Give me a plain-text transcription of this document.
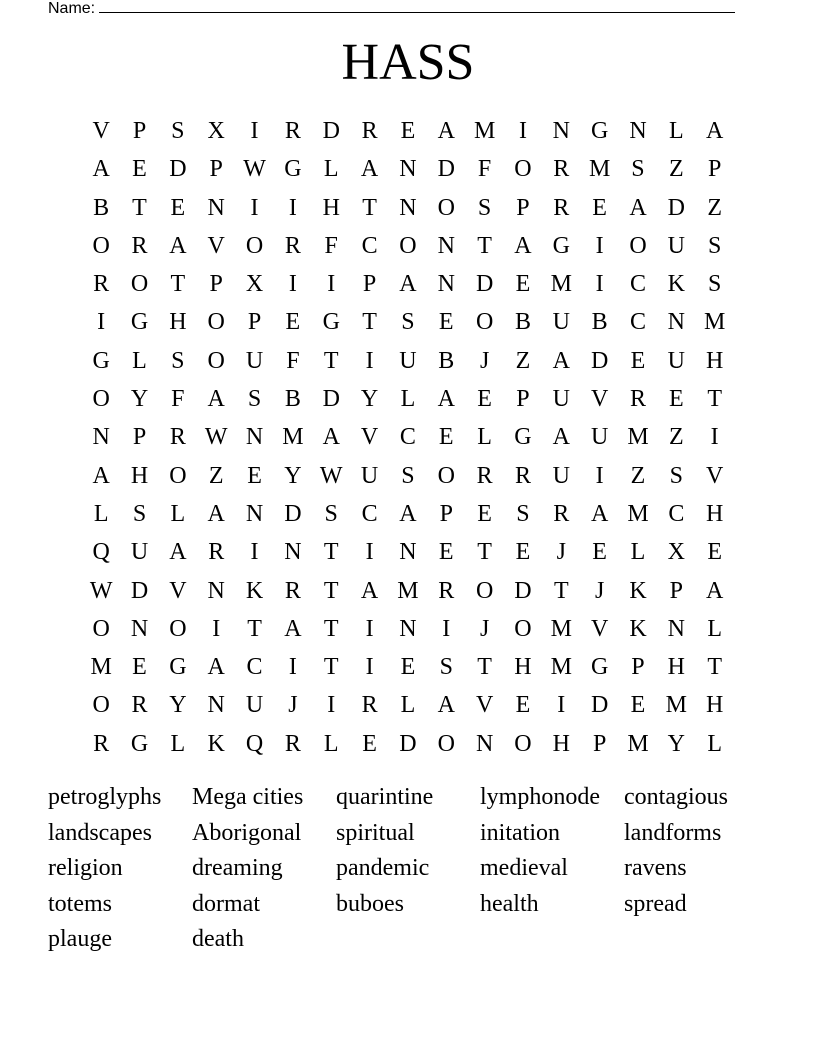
Name:
HASS
V P	S X	I	R D R E A M I	N G N L A
A E D P W G L A N D F O R M S	Z	P
B T E N	I	I	H T N O S	P R E A D Z
O R A V O R F C O N T A G	I	O U S
R O T	P X	I	I	P A N D E M I	C K S
I	G H O P	E G T	S	E O B U B C N M
G L	S O U F	T	I	U B	J	Z A D E U H
O Y F A S B D Y L A E	P U V R E T
N P R W N M A V C E L G A U M Z	I
A H O Z E Y W U S O R R U	I	Z	S V
L	S	L A N D S C A P	E	S R A M C H
Q U A R	I	N T	I	N E T E	J	E L X E
W D V N K R T A M R O D T	J	K P A
O N O	I	T A T	I	N	I	J	O M V K N L
M E G A C	I	T	I	E	S	T H M G P H T
O R Y N U	J	I	R L A V E	I	D E M H
R G L K Q R L E D O N O H P M Y L
petroglyphs	Mega cities	quarintine	lymphonode	contagious
landscapes	Aborigonal	spiritual	initation	landforms
religion	dreaming	pandemic	medieval	ravens
totems	dormat	buboes	health	spread
plauge	death
